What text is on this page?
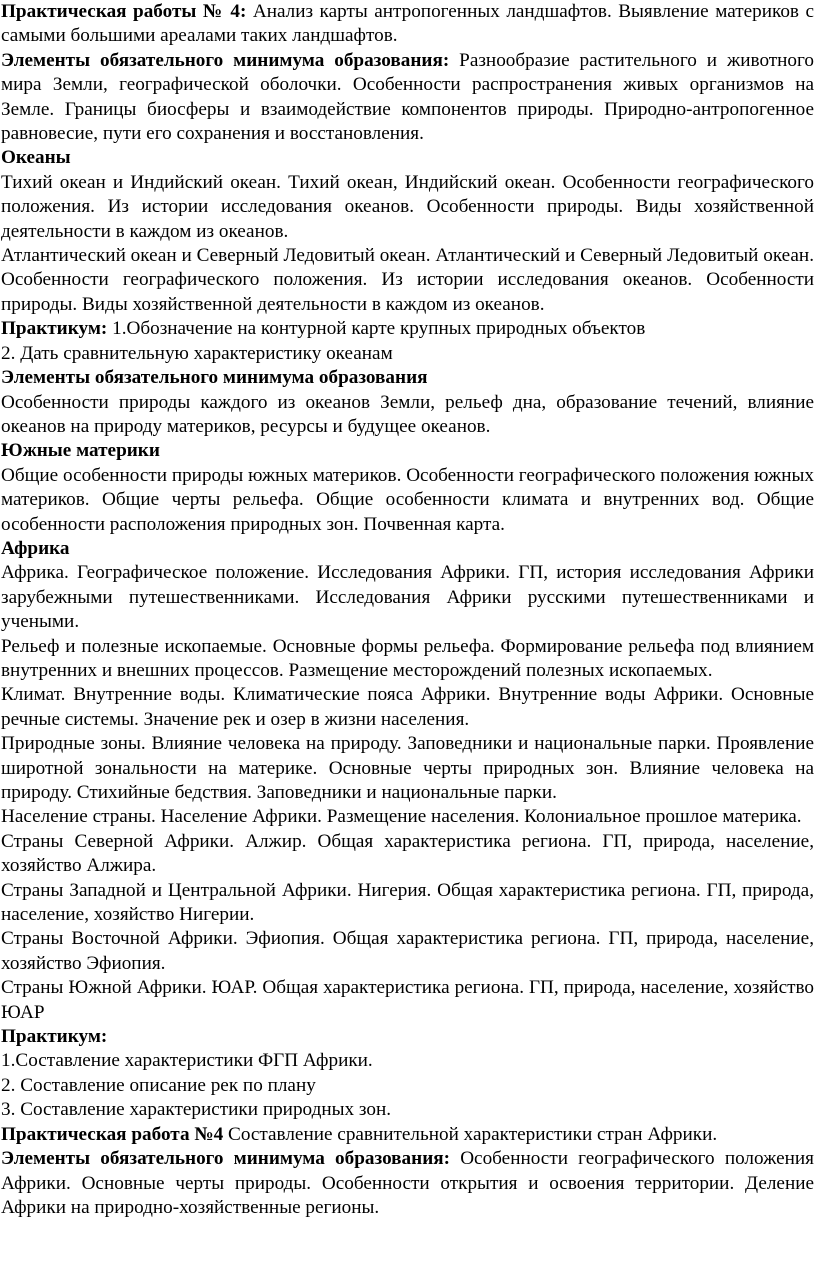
Практическая работы № 4: Анализ карты антропогенных ландшафтов. Выявление материков с самыми большими ареалами таких ландшафтов.

Элементы обязательного минимума образования: Разнообразие растительного и животного мира Земли, географической оболочки. Особенности распространения живых организмов на Земле. Границы биосферы и взаимодействие компонентов природы. Природно-антропогенное равновесие, пути его сохранения и восстановления.

Океаны

Тихий океан и Индийский океан. Тихий океан, Индийский океан. Особенности географического положения. Из истории исследования океанов. Особенности природы. Виды хозяйственной деятельности в каждом из океанов.

Атлантический океан и Северный Ледовитый океан. Атлантический и Северный Ледовитый океан. Особенности географического положения. Из истории исследования океанов. Особенности природы. Виды хозяйственной деятельности в каждом из океанов.

Практикум: 1.Обозначение на контурной карте крупных природных объектов

2. Дать сравнительную характеристику океанам

Элементы обязательного минимума образования

Особенности природы каждого из океанов Земли, рельеф дна, образование течений, влияние океанов на природу материков, ресурсы и будущее океанов.

Южные материки

Общие особенности природы южных материков. Особенности географического положения южных материков. Общие черты рельефа. Общие особенности климата и внутренних вод. Общие особенности расположения природных зон. Почвенная карта.

Африка

Африка. Географическое положение. Исследования Африки. ГП, история исследования Африки зарубежными путешественниками. Исследования Африки русскими путешественниками и учеными.

Рельеф и полезные ископаемые. Основные формы рельефа. Формирование рельефа под влиянием внутренних и внешних процессов. Размещение месторождений полезных ископаемых.

Климат. Внутренние воды. Климатические пояса Африки. Внутренние воды Африки. Основные речные системы. Значение рек и озер в жизни населения.

Природные зоны. Влияние человека на природу. Заповедники и национальные парки. Проявление широтной зональности на материке. Основные черты природных зон. Влияние человека на природу. Стихийные бедствия. Заповедники и национальные парки.

Население страны. Население Африки. Размещение населения. Колониальное прошлое материка.

Страны Северной Африки. Алжир. Общая характеристика региона. ГП, природа, население, хозяйство Алжира.

Страны Западной и Центральной Африки. Нигерия. Общая характеристика региона. ГП, природа, население, хозяйство Нигерии.

Страны Восточной Африки. Эфиопия. Общая характеристика региона. ГП, природа, население, хозяйство Эфиопия.

Страны Южной Африки. ЮАР. Общая характеристика региона. ГП, природа, население, хозяйство ЮАР

Практикум:

1.Составление характеристики ФГП Африки.

2. Составление описание рек по плану

3. Составление характеристики природных зон.

Практическая работа №4 Составление сравнительной характеристики стран Африки.

Элементы обязательного минимума образования: Особенности географического положения Африки. Основные черты природы. Особенности открытия и освоения территории. Деление Африки на природно-хозяйственные регионы.
